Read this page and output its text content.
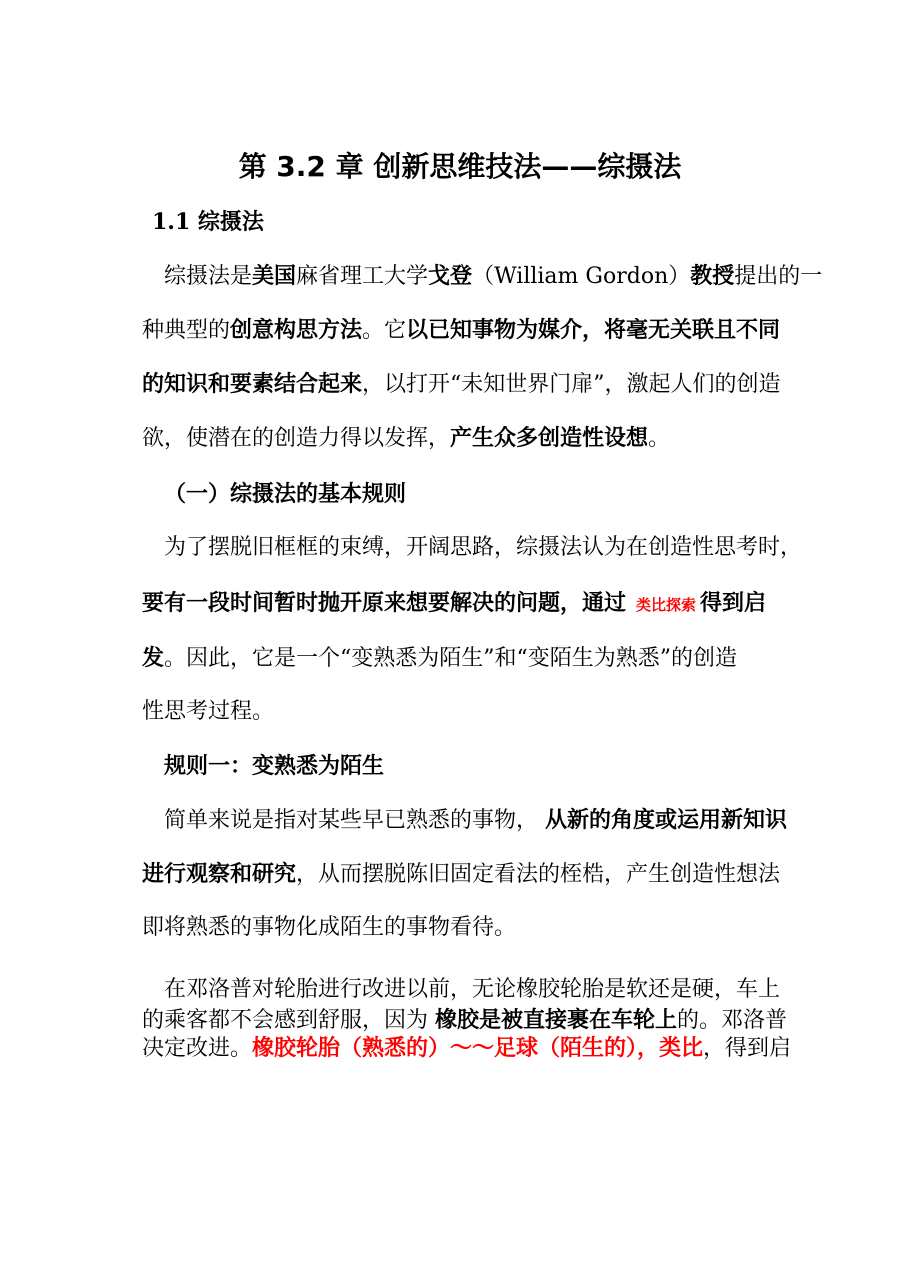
第 3.2 章 创新思维技法——综摄法
1.1 综摄法
综摄法是美国麻省理工大学戈登（William Gordon）教授提出的一
种典型的创意构思方法。它以已知事物为媒介，将毫无关联且不同
的知识和要素结合起来，以打开“未知世界门扉”，激起人们的创造
欲，使潜在的创造力得以发挥，产生众多创造性设想。
（一）综摄法的基本规则
为了摆脱旧框框的束缚，开阔思路，综摄法认为在创造性思考时，
要有一段时间暂时抛开原来想要解决的问题，通过 类比探索 得到启
发。因此，它是一个“变熟悉为陌生”和“变陌生为熟悉”的创造
性思考过程。
规则一：变熟悉为陌生
简单来说是指对某些早已熟悉的事物， 从新的角度或运用新知识
进行观察和研究，从而摆脱陈旧固定看法的桎梏，产生创造性想法
即将熟悉的事物化成陌生的事物看待。
在邓洛普对轮胎进行改进以前，无论橡胶轮胎是软还是硬，车上
的乘客都不会感到舒服，因为 橡胶是被直接裹在车轮上的。邓洛普
决定改进。橡胶轮胎（熟悉的）～～足球（陌生的），类比，得到启
